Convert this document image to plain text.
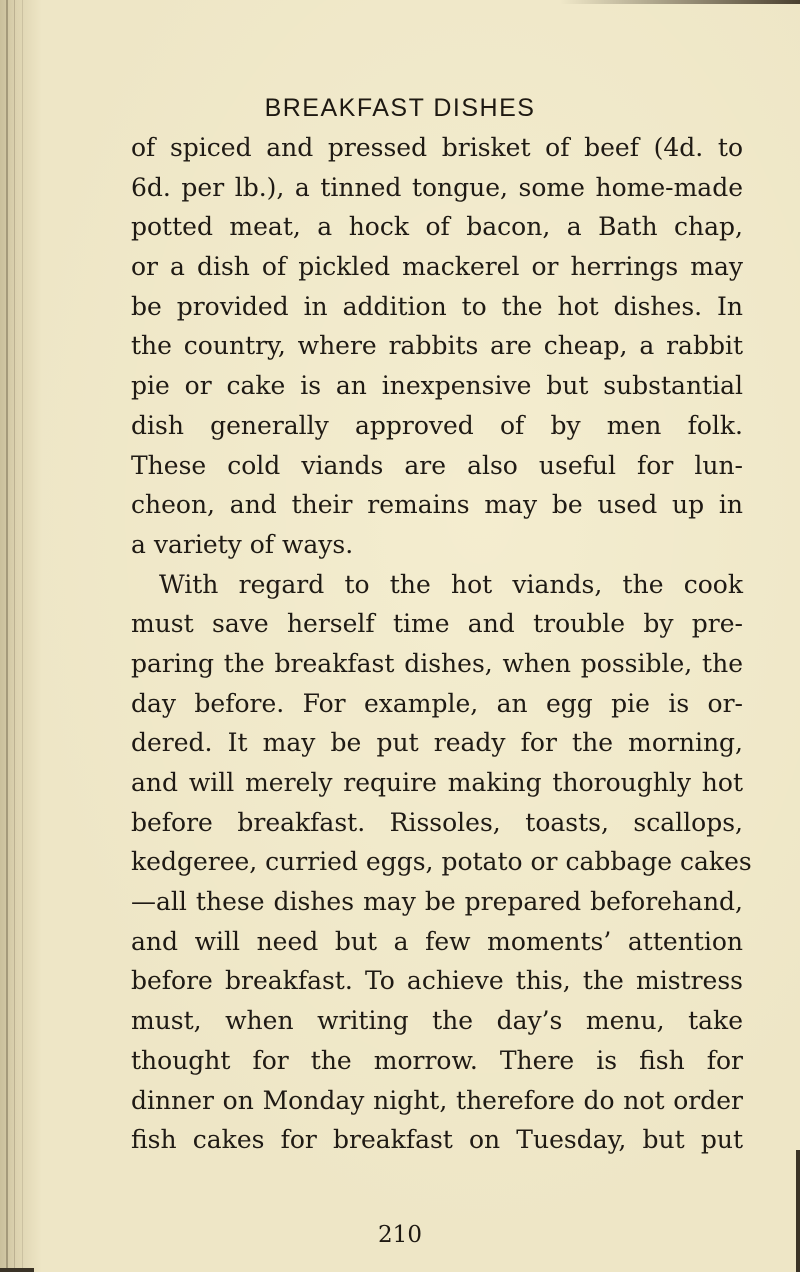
BREAKFAST DISHES
of spiced and pressed brisket of beef (4d. to
6d. per lb.), a tinned tongue, some home-made
potted meat, a hock of bacon, a Bath chap,
or a dish of pickled mackerel or herrings may
be provided in addition to the hot dishes. In
the country, where rabbits are cheap, a rabbit
pie or cake is an inexpensive but substantial
dish generally approved of by men folk.
These cold viands are also useful for lun-
cheon, and their remains may be used up in
a variety of ways.
With regard to the hot viands, the cook
must save herself time and trouble by pre-
paring the breakfast dishes, when possible, the
day before. For example, an egg pie is or-
dered. It may be put ready for the morning,
and will merely require making thoroughly hot
before breakfast. Rissoles, toasts, scallops,
kedgeree, curried eggs, potato or cabbage cakes
—all these dishes may be prepared beforehand,
and will need but a few moments’ attention
before breakfast. To achieve this, the mistress
must, when writing the day’s menu, take
thought for the morrow. There is fish for
dinner on Monday night, therefore do not order
fish cakes for breakfast on Tuesday, but put
210
